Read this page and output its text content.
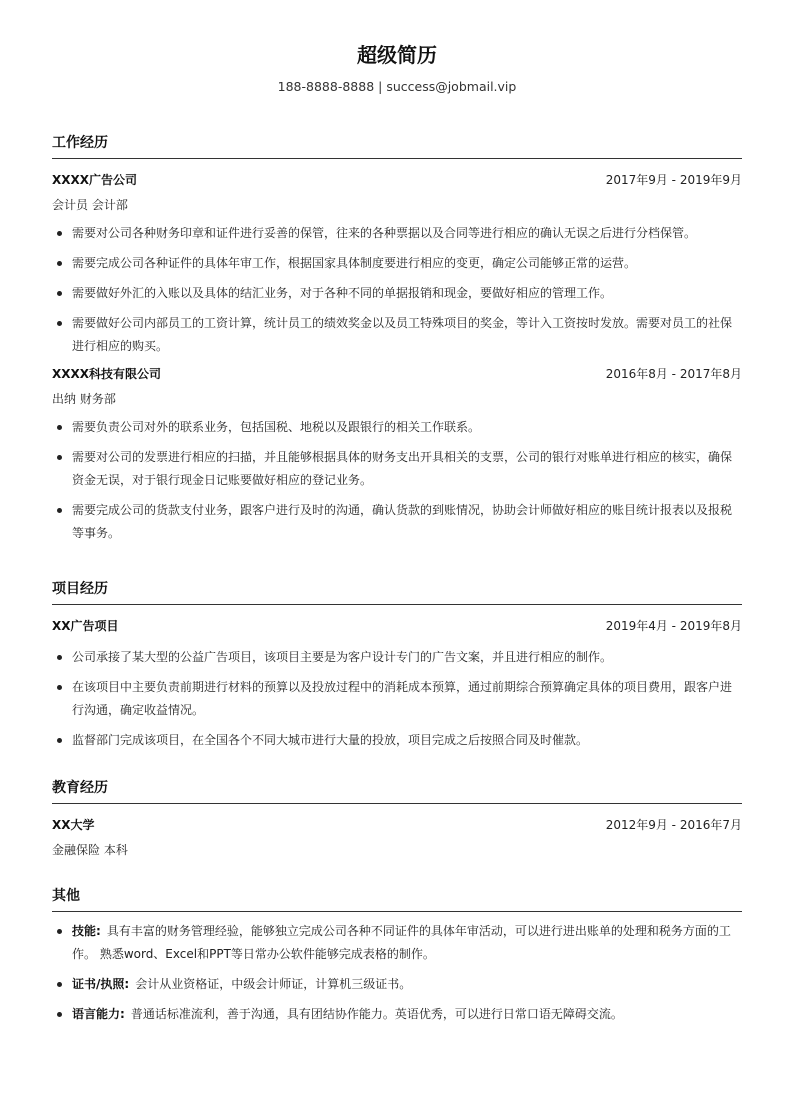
超级简历
188-8888-8888 | success@jobmail.vip
工作经历
XXXX广告公司	2017年9月 - 2019年9月
会计员 会计部
需要对公司各种财务印章和证件进行妥善的保管，往来的各种票据以及合同等进行相应的确认无误之后进行分档保管。
需要完成公司各种证件的具体年审工作，根据国家具体制度要进行相应的变更，确定公司能够正常的运营。
需要做好外汇的入账以及具体的结汇业务，对于各种不同的单据报销和现金，要做好相应的管理工作。
需要做好公司内部员工的工资计算，统计员工的绩效奖金以及员工特殊项目的奖金，等计入工资按时发放。需要对员工的社保
进行相应的购买。
XXXX科技有限公司	2016年8月 - 2017年8月
出纳 财务部
需要负责公司对外的联系业务，包括国税、地税以及跟银行的相关工作联系。
需要对公司的发票进行相应的扫描，并且能够根据具体的财务支出开具相关的支票，公司的银行对账单进行相应的核实，确保
资金无误，对于银行现金日记账要做好相应的登记业务。
需要完成公司的货款支付业务，跟客户进行及时的沟通，确认货款的到账情况，协助会计师做好相应的账目统计报表以及报税
等事务。
项目经历
XX广告项目	2019年4月 - 2019年8月
公司承接了某大型的公益广告项目，该项目主要是为客户设计专门的广告文案，并且进行相应的制作。
在该项目中主要负责前期进行材料的预算以及投放过程中的消耗成本预算，通过前期综合预算确定具体的项目费用，跟客户进
行沟通，确定收益情况。
监督部门完成该项目，在全国各个不同大城市进行大量的投放，项目完成之后按照合同及时催款。
教育经历
XX大学	2012年9月 - 2016年7月
金融保险 本科
其他
技能: 具有丰富的财务管理经验，能够独立完成公司各种不同证件的具体年审活动，可以进行进出账单的处理和税务方面的工
作。 熟悉word、Excel和PPT等日常办公软件能够完成表格的制作。
证书/执照: 会计从业资格证，中级会计师证，计算机三级证书。
语言能力: 普通话标准流利，善于沟通，具有团结协作能力。英语优秀，可以进行日常口语无障碍交流。
